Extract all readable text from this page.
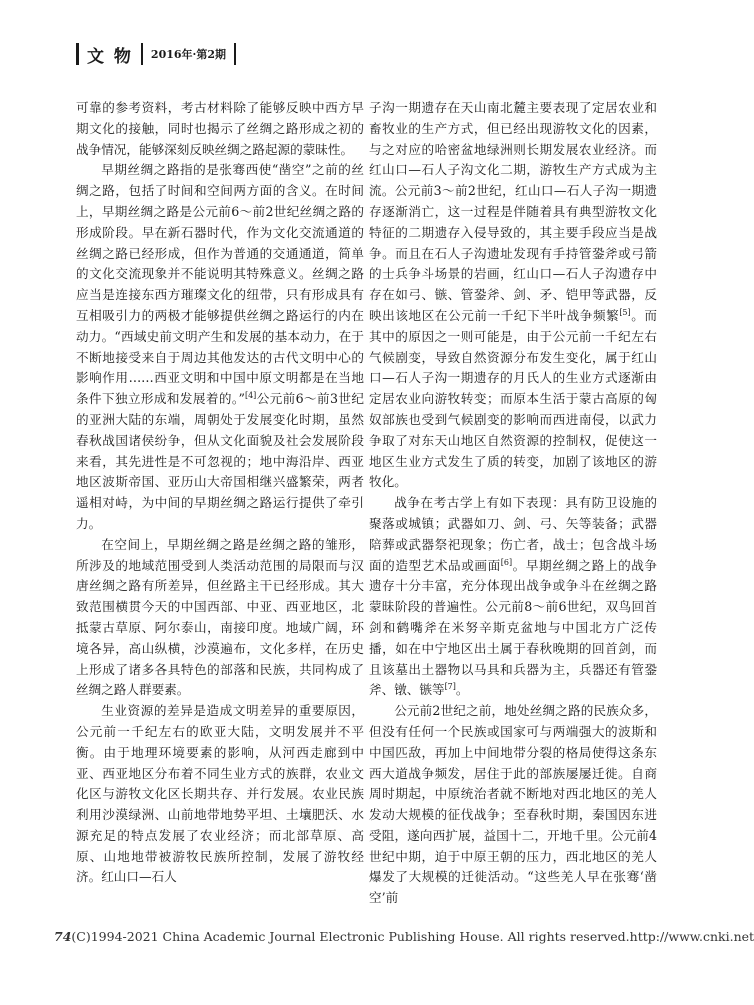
文 物 2016年·第2期

可靠的参考资料，考古材料除了能够反映中西方早期文化的接触，同时也揭示了丝绸之路形成之初的战争情况，能够深刻反映丝绸之路起源的蒙昧性。

早期丝绸之路指的是张骞西使“凿空”之前的丝绸之路，包括了时间和空间两方面的含义。在时间上，早期丝绸之路是公元前6～前2世纪丝绸之路的形成阶段。早在新石器时代，作为文化交流通道的丝绸之路已经形成，但作为普通的交通通道，简单的文化交流现象并不能说明其特殊意义。丝绸之路应当是连接东西方璀璨文化的纽带，只有形成具有互相吸引力的两极才能够提供丝绸之路运行的内在动力。“西域史前文明产生和发展的基本动力，在于不断地接受来自于周边其他发达的古代文明中心的影响作用……西亚文明和中国中原文明都是在当地条件下独立形成和发展着的。”[4]公元前6～前3世纪的亚洲大陆的东端，周朝处于发展变化时期，虽然春秋战国诸侯纷争，但从文化面貌及社会发展阶段来看，其先进性是不可忽视的；地中海沿岸、西亚地区波斯帝国、亚历山大帝国相继兴盛繁荣，两者遥相对峙，为中间的早期丝绸之路运行提供了牵引力。

在空间上，早期丝绸之路是丝绸之路的雏形，所涉及的地域范围受到人类活动范围的局限而与汉唐丝绸之路有所差异，但丝路主干已经形成。其大致范围横贯今天的中国西部、中亚、西亚地区，北抵蒙古草原、阿尔泰山，南接印度。地域广阔，环境各异，高山纵横，沙漠遍布，文化多样，在历史上形成了诸多各具特色的部落和民族，共同构成了丝绸之路人群要素。

生业资源的差异是造成文明差异的重要原因，公元前一千纪左右的欧亚大陆，文明发展并不平衡。由于地理环境要素的影响，从河西走廊到中亚、西亚地区分布着不同生业方式的族群，农业文化区与游牧文化区长期共存、并行发展。农业民族利用沙漠绿洲、山前地带地势平坦、土壤肥沃、水源充足的特点发展了农业经济；而北部草原、高原、山地地带被游牧民族所控制，发展了游牧经济。红山口—石人

子沟一期遗存在天山南北麓主要表现了定居农业和畜牧业的生产方式，但已经出现游牧文化的因素，与之对应的哈密盆地绿洲则长期发展农业经济。而红山口—石人子沟文化二期，游牧生产方式成为主流。公元前3～前2世纪，红山口—石人子沟一期遗存逐渐消亡，这一过程是伴随着具有典型游牧文化特征的二期遗存入侵导致的，其主要手段应当是战争。而且在石人子沟遗址发现有手持管銎斧或弓箭的士兵争斗场景的岩画，红山口—石人子沟遗存中存在如弓、镞、管銎斧、剑、矛、铠甲等武器，反映出该地区在公元前一千纪下半叶战争频繁[5]。而其中的原因之一则可能是，由于公元前一千纪左右气候剧变，导致自然资源分布发生变化，属于红山口—石人子沟一期遗存的月氏人的生业方式逐渐由定居农业向游牧转变；而原本生活于蒙古高原的匈奴部族也受到气候剧变的影响而西进南侵，以武力争取了对东天山地区自然资源的控制权，促使这一地区生业方式发生了质的转变，加剧了该地区的游牧化。

战争在考古学上有如下表现：具有防卫设施的聚落或城镇；武器如刀、剑、弓、矢等装备；武器陪葬或武器祭祀现象；伤亡者，战士；包含战斗场面的造型艺术品或画面[6]。早期丝绸之路上的战争遗存十分丰富，充分体现出战争或争斗在丝绸之路蒙昧阶段的普遍性。公元前8～前6世纪，双鸟回首剑和鹤嘴斧在米努辛斯克盆地与中国北方广泛传播，如在中宁地区出土属于春秋晚期的回首剑，而且该墓出土器物以马具和兵器为主，兵器还有管銎斧、镦、镞等[7]。

公元前2世纪之前，地处丝绸之路的民族众多，但没有任何一个民族或国家可与两端强大的波斯和中国匹敌，再加上中间地带分裂的格局使得这条东西大道战争频发，居住于此的部族屡屡迁徙。自商周时期起，中原统治者就不断地对西北地区的羌人发动大规模的征伐战争；至春秋时期，秦国因东进受阻，遂向西扩展，益国十二，开地千里。公元前4世纪中期，迫于中原王朝的压力，西北地区的羌人爆发了大规模的迁徙活动。“这些羌人早在张骞‘凿空’前

74(C)1994-2021 China Academic Journal Electronic Publishing House. All rights reserved. http://www.cnki.net
